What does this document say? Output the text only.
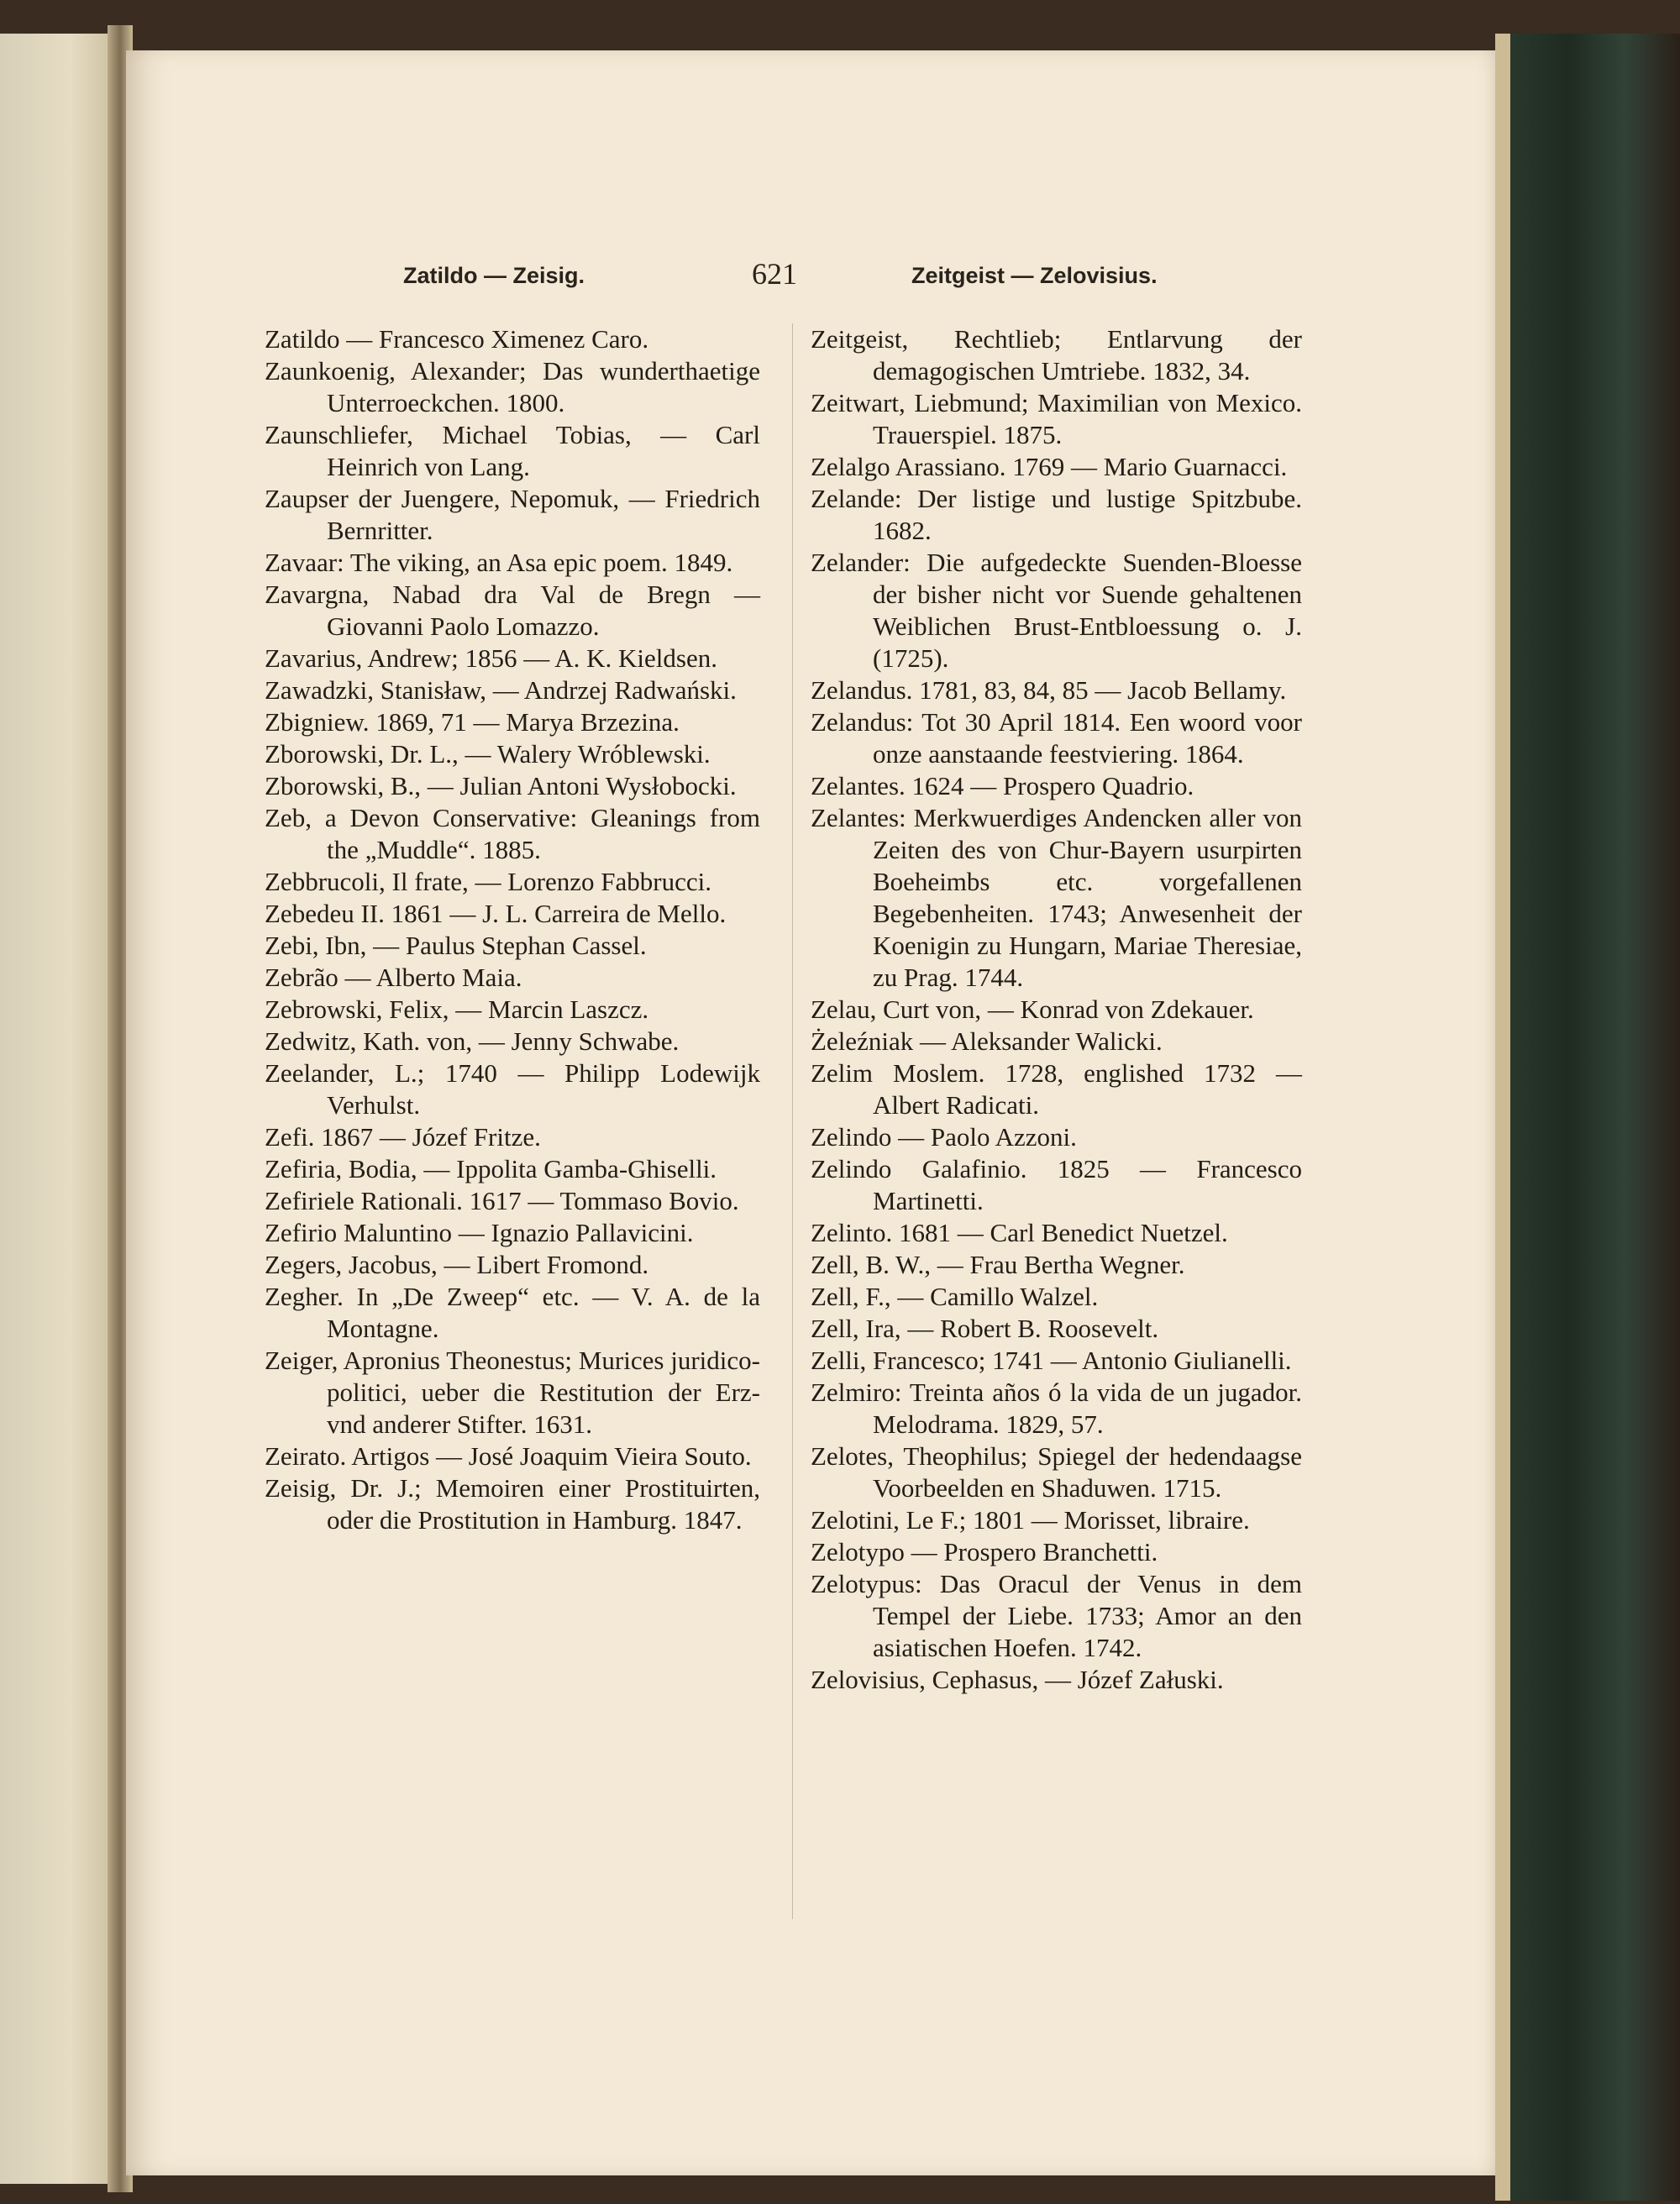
Zatildo — Zeisig.	621	Zeitgeist — Zelovisius.
Zatildo — Francesco Ximenez Caro.
Zaunkoenig, Alexander; Das wunderthaetige Unterroeckchen. 1800.
Zaunschliefer, Michael Tobias, — Carl Heinrich von Lang.
Zaupser der Juengere, Nepomuk, — Friedrich Bernritter.
Zavaar: The viking, an Asa epic poem. 1849.
Zavargna, Nabad dra Val de Bregn — Giovanni Paolo Lomazzo.
Zavarius, Andrew; 1856 — A. K. Kieldsen.
Zawadzki, Stanisław, — Andrzej Radwański.
Zbigniew. 1869, 71 — Marya Brzezina.
Zborowski, Dr. L., — Walery Wróblewski.
Zborowski, B., — Julian Antoni Wysłobocki.
Zeb, a Devon Conservative: Gleanings from the „Muddle“. 1885.
Zebbrucoli, Il frate, — Lorenzo Fabbrucci.
Zebedeu II. 1861 — J. L. Carreira de Mello.
Zebi, Ibn, — Paulus Stephan Cassel.
Zebrão — Alberto Maia.
Zebrowski, Felix, — Marcin Laszcz.
Zedwitz, Kath. von, — Jenny Schwabe.
Zeelander, L.; 1740 — Philipp Lodewijk Verhulst.
Zefi. 1867 — Józef Fritze.
Zefiria, Bodia, — Ippolita Gamba-Ghiselli.
Zefiriele Rationali. 1617 — Tommaso Bovio.
Zefirio Maluntino — Ignazio Pallavicini.
Zegers, Jacobus, — Libert Fromond.
Zegher. In „De Zweep“ etc. — V. A. de la Montagne.
Zeiger, Apronius Theonestus; Murices juridico-politici, ueber die Restitution der Erz- vnd anderer Stifter. 1631.
Zeirato. Artigos — José Joaquim Vieira Souto.
Zeisig, Dr. J.; Memoiren einer Prostituirten, oder die Prostitution in Hamburg. 1847.
Zeitgeist, Rechtlieb; Entlarvung der demagogischen Umtriebe. 1832, 34.
Zeitwart, Liebmund; Maximilian von Mexico. Trauerspiel. 1875.
Zelalgo Arassiano. 1769 — Mario Guarnacci.
Zelande: Der listige und lustige Spitzbube. 1682.
Zelander: Die aufgedeckte Suenden-Bloesse der bisher nicht vor Suende gehaltenen Weiblichen Brust-Entbloessung o. J. (1725).
Zelandus. 1781, 83, 84, 85 — Jacob Bellamy.
Zelandus: Tot 30 April 1814. Een woord voor onze aanstaande feestviering. 1864.
Zelantes. 1624 — Prospero Quadrio.
Zelantes: Merkwuerdiges Andencken aller von Zeiten des von Chur-Bayern usurpirten Boeheimbs etc. vorgefallenen Begebenheiten. 1743; Anwesenheit der Koenigin zu Hungarn, Mariae Theresiae, zu Prag. 1744.
Zelau, Curt von, — Konrad von Zdekauer.
Żeleźniak — Aleksander Walicki.
Zelim Moslem. 1728, englished 1732 — Albert Radicati.
Zelindo — Paolo Azzoni.
Zelindo Galafinio. 1825 — Francesco Martinetti.
Zelinto. 1681 — Carl Benedict Nuetzel.
Zell, B. W., — Frau Bertha Wegner.
Zell, F., — Camillo Walzel.
Zell, Ira, — Robert B. Roosevelt.
Zelli, Francesco; 1741 — Antonio Giulianelli.
Zelmiro: Treinta años ó la vida de un jugador. Melodrama. 1829, 57.
Zelotes, Theophilus; Spiegel der hedendaagse Voorbeelden en Shaduwen. 1715.
Zelotini, Le F.; 1801 — Morisset, libraire.
Zelotypo — Prospero Branchetti.
Zelotypus: Das Oracul der Venus in dem Tempel der Liebe. 1733; Amor an den asiatischen Hoefen. 1742.
Zelovisius, Cephasus, — Józef Załuski.
